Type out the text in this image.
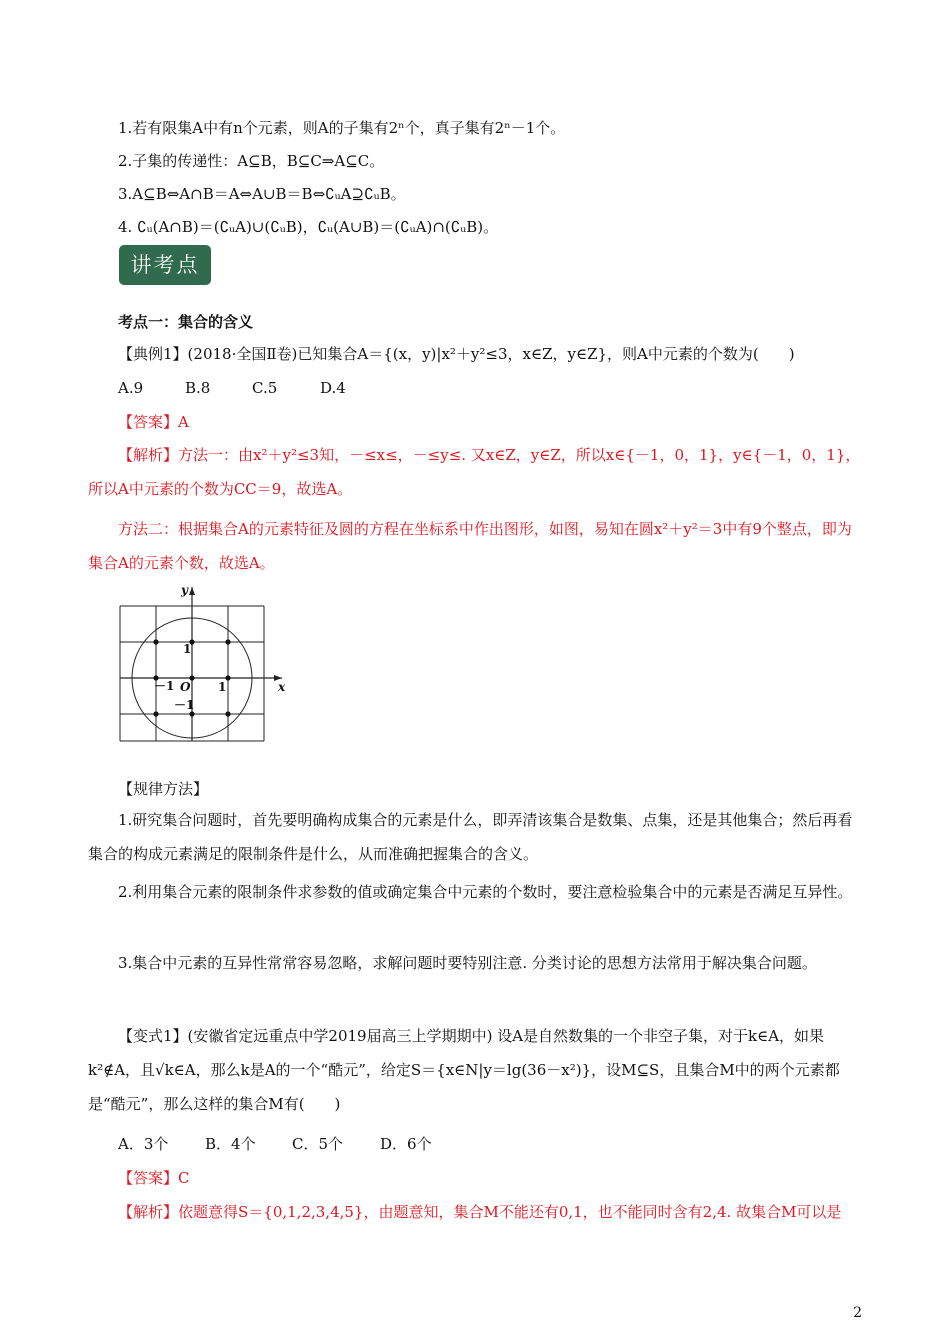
1.若有限集A中有n个元素，则A的子集有2ⁿ个，真子集有2ⁿ－1个。
2.子集的传递性：A⊆B，B⊆C⇒A⊆C。
3.A⊆B⇔A∩B＝A⇔A∪B＝B⇔∁ᵤA⊇∁ᵤB。
4. ∁ᵤ(A∩B)＝(∁ᵤA)∪(∁ᵤB)，∁ᵤ(A∪B)＝(∁ᵤA)∩(∁ᵤB)。
讲考点
考点一：集合的含义
【典例1】(2018·全国Ⅱ卷)已知集合A＝{(x，y)|x²＋y²≤3，x∈Z，y∈Z}，则A中元素的个数为(　　)
A.9	B.8	C.5	D.4
【答案】A
【解析】方法一：由x²＋y²≤3知，－≤x≤，－≤y≤. 又x∈Z，y∈Z，所以x∈{－1，0，1}，y∈{－1，0，1}，所以A中元素的个数为CC＝9，故选A。
方法二：根据集合A的元素特征及圆的方程在坐标系中作出图形，如图，易知在圆x²＋y²＝3中有9个整点，即为集合A的元素个数，故选A。
y
x
O
1
1
－1
－1
【规律方法】
1.研究集合问题时，首先要明确构成集合的元素是什么，即弄清该集合是数集、点集，还是其他集合；然后再看集合的构成元素满足的限制条件是什么，从而准确把握集合的含义。
2.利用集合元素的限制条件求参数的值或确定集合中元素的个数时，要注意检验集合中的元素是否满足互异性。
3.集合中元素的互异性常常容易忽略，求解问题时要特别注意. 分类讨论的思想方法常用于解决集合问题。
【变式1】(安徽省定远重点中学2019届高三上学期期中) 设A是自然数集的一个非空子集，对于k∈A，如果k²∉A，且√k∈A，那么k是A的一个“酷元”，给定S＝{x∈N|y＝lg(36－x²)}，设M⊆S，且集合M中的两个元素都是“酷元”，那么这样的集合M有(　　)
A．3个 B．4个 C．5个 D．6个
【答案】C
【解析】依题意得S＝{0,1,2,3,4,5}，由题意知，集合M不能还有0,1，也不能同时含有2,4. 故集合M可以是
2
